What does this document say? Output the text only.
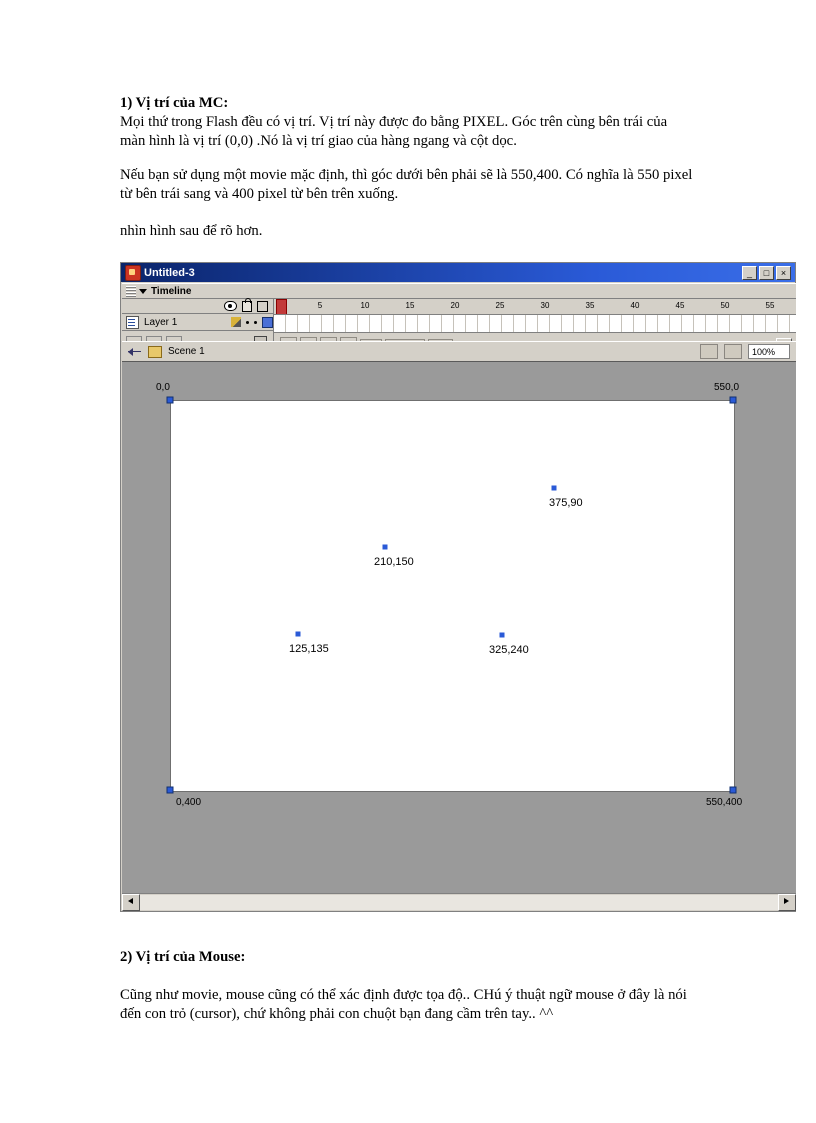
1) Vị trí của MC:

Mọi thứ trong Flash đều có vị trí. Vị trí này được đo bằng PIXEL. Góc trên cùng bên trái của màn hình là vị trí (0,0) .Nó là vị trí giao của hàng ngang và cột dọc.

Nếu bạn sử dụng một movie mặc định, thì góc dưới bên phải sẽ là 550,400. Có nghĩa là 550 pixel từ bên trái sang và 400 pixel từ bên trên xuống.

nhìn hình sau để rõ hơn.

Untitled-3	_	□	×
Timeline
Layer 1
5	10	15	20	25	30	35	40	45	50	55
Scene 1	100%
0,0	550,0
0,400	550,400
375,90
210,150
125,135	325,240
2) Vị trí của Mouse:

Cũng như movie, mouse cũng có thể xác định được tọa độ.. CHú ý thuật ngữ mouse ở đây là nói đến con trỏ (cursor), chứ không phải con chuột bạn đang cầm trên tay.. ^^
